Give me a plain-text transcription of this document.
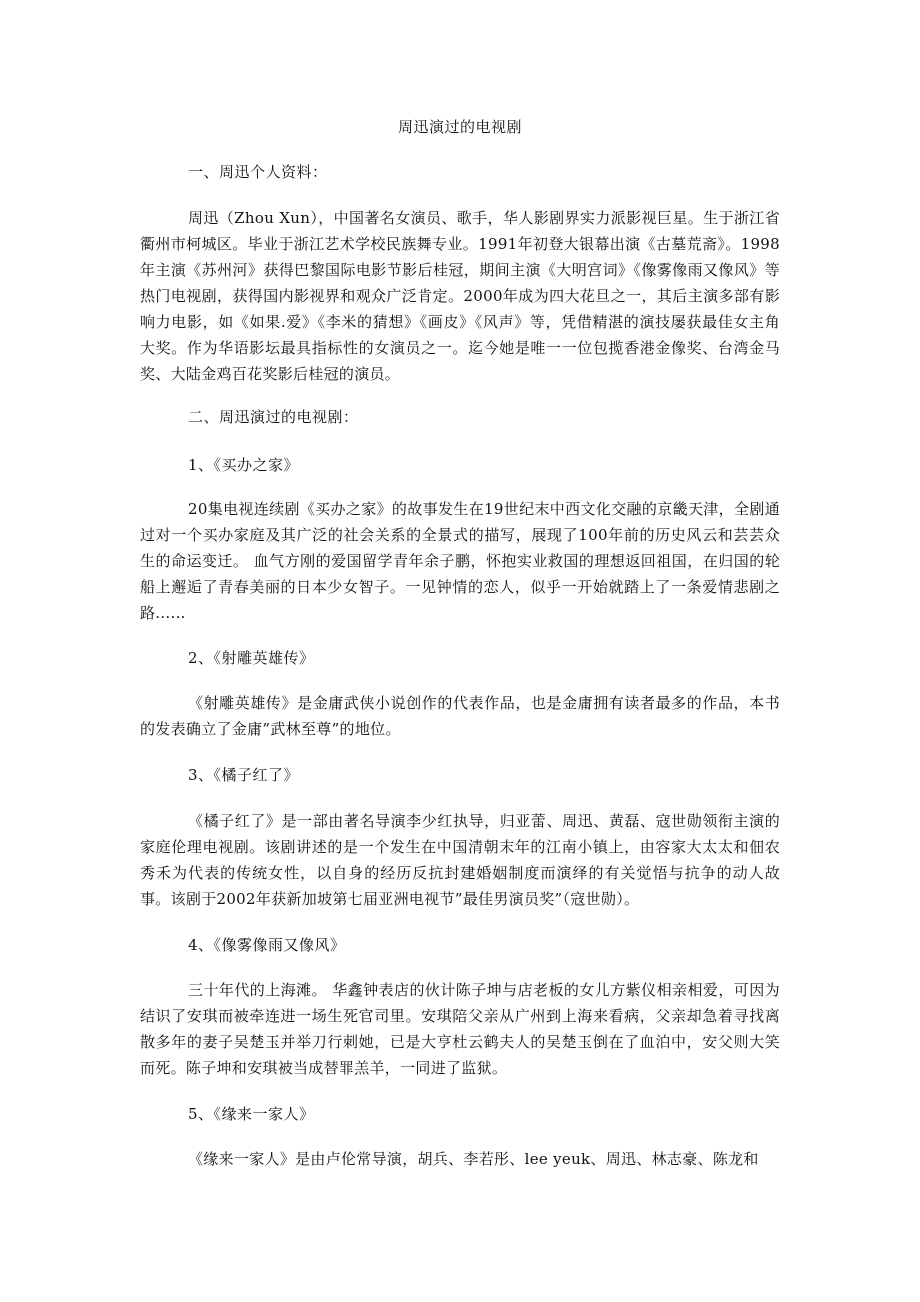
周迅演过的电视剧
一、周迅个人资料：
周迅（Zhou Xun），中国著名女演员、歌手，华人影剧界实力派影视巨星。生于浙江省衢州市柯城区。毕业于浙江艺术学校民族舞专业。1991年初登大银幕出演《古墓荒斋》。1998年主演《苏州河》获得巴黎国际电影节影后桂冠，期间主演《大明宫词》《像雾像雨又像风》等热门电视剧，获得国内影视界和观众广泛肯定。2000年成为四大花旦之一，其后主演多部有影响力电影，如《如果.爱》《李米的猜想》《画皮》《风声》等，凭借精湛的演技屡获最佳女主角大奖。作为华语影坛最具指标性的女演员之一。迄今她是唯一一位包揽香港金像奖、台湾金马奖、大陆金鸡百花奖影后桂冠的演员。
二、周迅演过的电视剧：
1、《买办之家》
20集电视连续剧《买办之家》的故事发生在19世纪末中西文化交融的京畿天津，全剧通过对一个买办家庭及其广泛的社会关系的全景式的描写，展现了100年前的历史风云和芸芸众生的命运变迁。 血气方刚的爱国留学青年余子鹏，怀抱实业救国的理想返回祖国，在归国的轮船上邂逅了青春美丽的日本少女智子。一见钟情的恋人，似乎一开始就踏上了一条爱情悲剧之路......
2、《射雕英雄传》
《射雕英雄传》是金庸武侠小说创作的代表作品，也是金庸拥有读者最多的作品，本书的发表确立了金庸”武林至尊”的地位。
3、《橘子红了》
《橘子红了》是一部由著名导演李少红执导，归亚蕾、周迅、黄磊、寇世勋领衔主演的家庭伦理电视剧。该剧讲述的是一个发生在中国清朝末年的江南小镇上，由容家大太太和佃农秀禾为代表的传统女性，以自身的经历反抗封建婚姻制度而演绎的有关觉悟与抗争的动人故事。该剧于2002年获新加坡第七届亚洲电视节”最佳男演员奖”（寇世勋）。
4、《像雾像雨又像风》
三十年代的上海滩。 华鑫钟表店的伙计陈子坤与店老板的女儿方紫仪相亲相爱，可因为结识了安琪而被牵连进一场生死官司里。安琪陪父亲从广州到上海来看病，父亲却急着寻找离散多年的妻子吴楚玉并举刀行刺她，已是大亨杜云鹤夫人的吴楚玉倒在了血泊中，安父则大笑而死。陈子坤和安琪被当成替罪羔羊，一同进了监狱。
5、《缘来一家人》
《缘来一家人》是由卢伦常导演，胡兵、李若彤、lee yeuk、周迅、林志豪、陈龙和
